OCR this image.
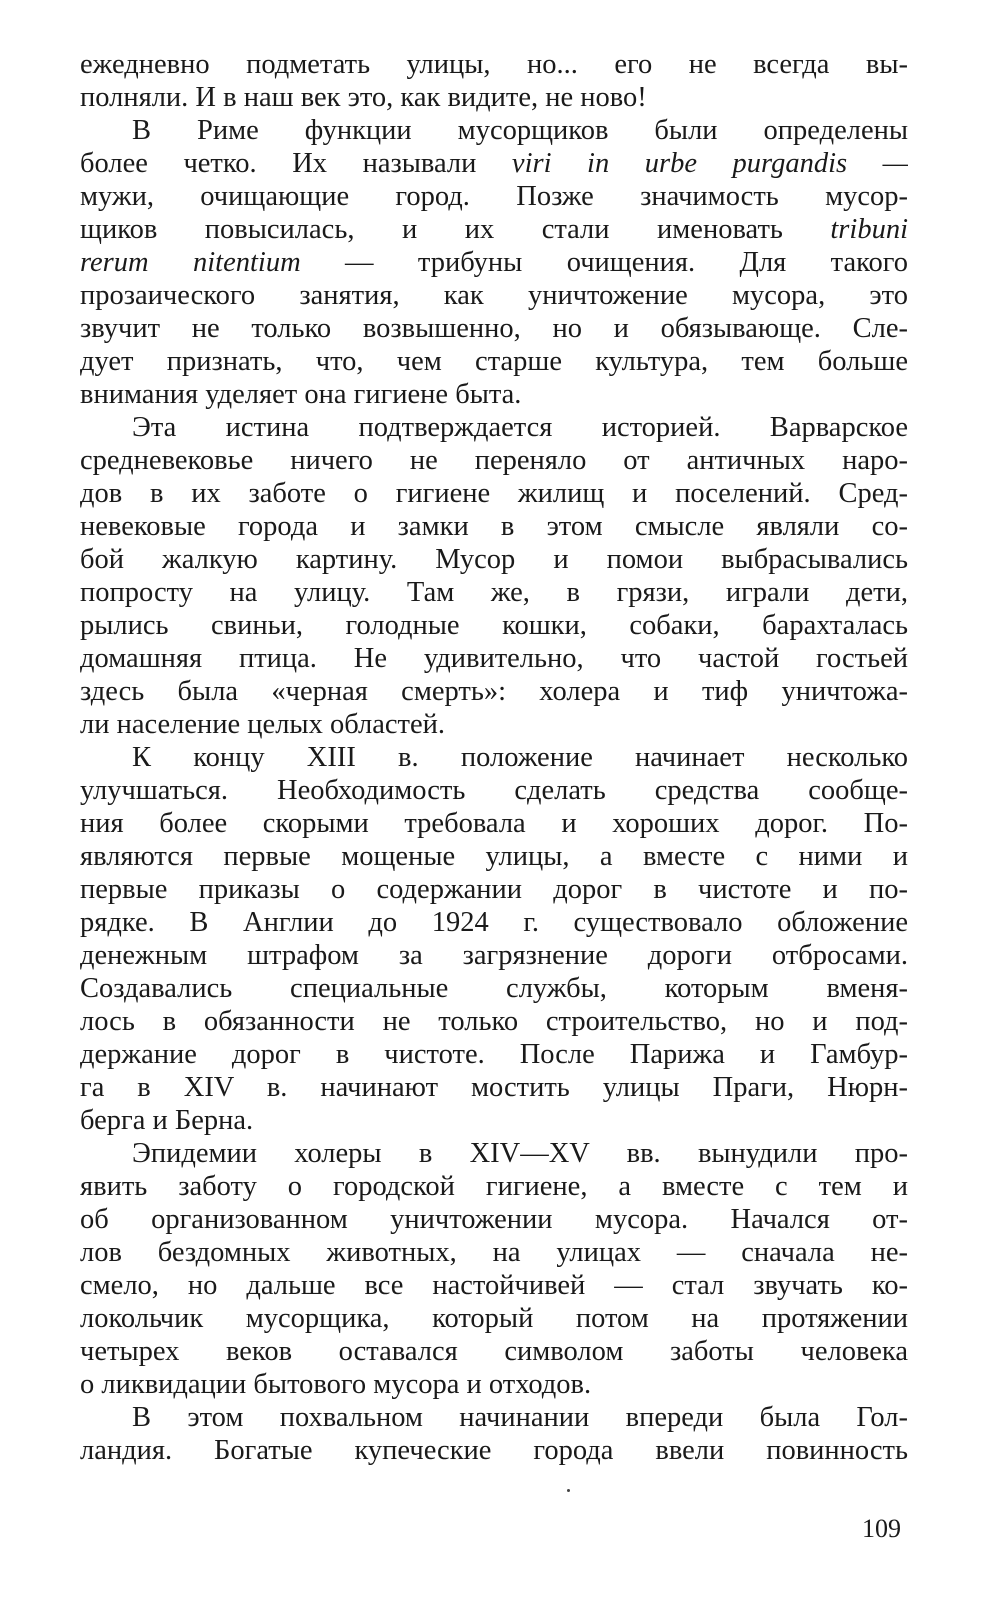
ежедневно подметать улицы, но... его не всегда вы-
полняли. И в наш век это, как видите, не ново!
В Риме функции мусорщиков были определены
более четко. Их называли viri in urbe purgandis —
мужи, очищающие город. Позже значимость мусор-
щиков повысилась, и их стали именовать tribuni
rerum nitentium — трибуны очищения. Для такого
прозаического занятия, как уничтожение мусора, это
звучит не только возвышенно, но и обязывающе. Сле-
дует признать, что, чем старше культура, тем больше
внимания уделяет она гигиене быта.
Эта истина подтверждается историей. Варварское
средневековье ничего не переняло от античных наро-
дов в их заботе о гигиене жилищ и поселений. Сред-
невековые города и замки в этом смысле являли со-
бой жалкую картину. Мусор и помои выбрасывались
попросту на улицу. Там же, в грязи, играли дети,
рылись свиньи, голодные кошки, собаки, барахталась
домашняя птица. Не удивительно, что частой гостьей
здесь была «черная смерть»: холера и тиф уничтожа-
ли население целых областей.
К концу XIII в. положение начинает несколько
улучшаться. Необходимость сделать средства сообще-
ния более скорыми требовала и хороших дорог. По-
являются первые мощеные улицы, а вместе с ними и
первые приказы о содержании дорог в чистоте и по-
рядке. В Англии до 1924 г. существовало обложение
денежным штрафом за загрязнение дороги отбросами.
Создавались специальные службы, которым вменя-
лось в обязанности не только строительство, но и под-
держание дорог в чистоте. После Парижа и Гамбур-
га в XIV в. начинают мостить улицы Праги, Нюрн-
берга и Берна.
Эпидемии холеры в XIV—XV вв. вынудили про-
явить заботу о городской гигиене, а вместе с тем и
об организованном уничтожении мусора. Начался от-
лов бездомных животных, на улицах — сначала не-
смело, но дальше все настойчивей — стал звучать ко-
локольчик мусорщика, который потом на протяжении
четырех веков оставался символом заботы человека
о ликвидации бытового мусора и отходов.
В этом похвальном начинании впереди была Гол-
ландия. Богатые купеческие города ввели повинность
109
